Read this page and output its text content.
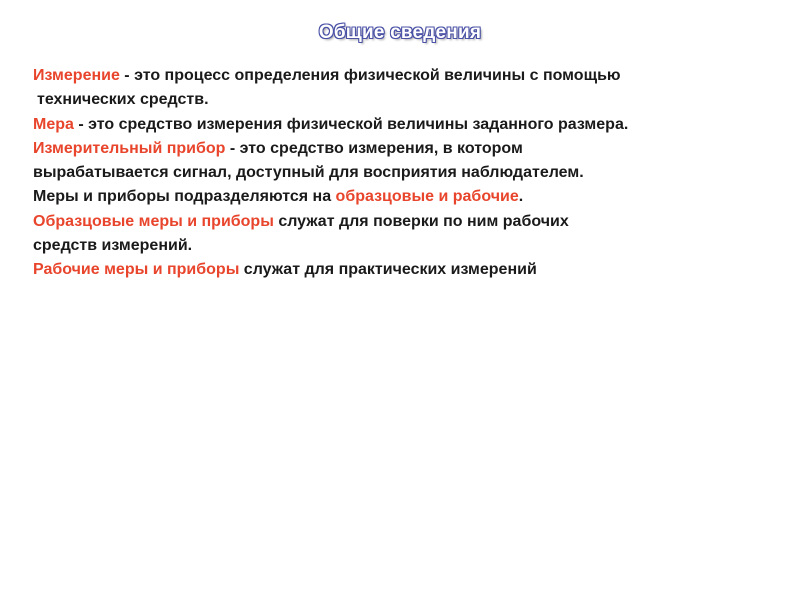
Общие сведения
Измерение - это процесс определения физической величины с помощью
технических средств.
Мера - это средство измерения физической величины заданного размера.
Измерительный прибор - это средство измерения, в котором
вырабатывается сигнал, доступный для восприятия наблюдателем.
Меры и приборы подразделяются на образцовые и рабочие.
Образцовые меры и приборы служат для поверки по ним рабочих
средств измерений.
Рабочие меры и приборы служат для практических измерений
